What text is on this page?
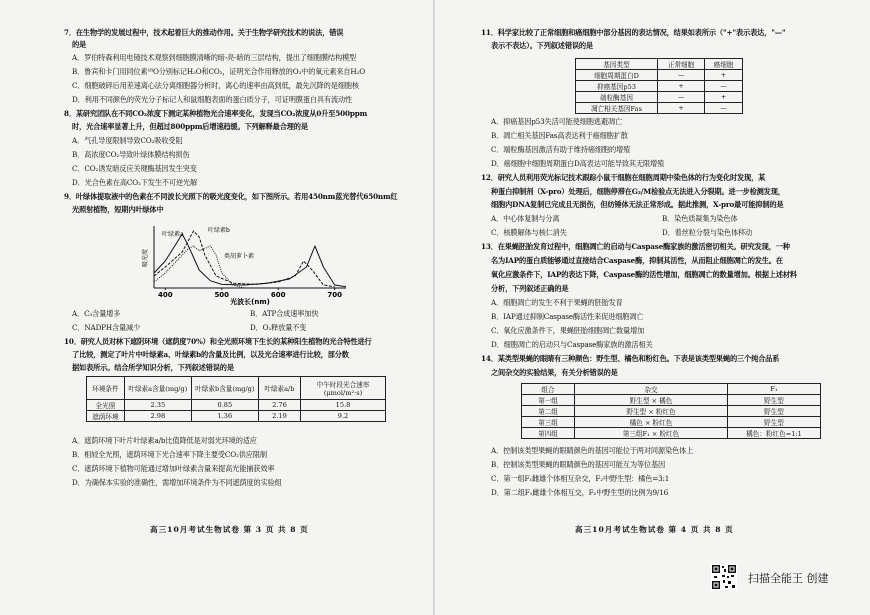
7．在生物学的发展过程中，技术起着巨大的推动作用。关于生物学研究技术的说法，错误
的是
A．罗伯特森利用电镜技术观察到细胞膜清晰的暗-亮-暗的三层结构，提出了细胞膜结构模型
B．鲁宾和卡门用同位素¹⁸O分别标记H₂O和CO₂，证明光合作用释放的O₂中的氧元素来自H₂O
C．细胞破碎后用差速离心法分离细胞器分析时，离心的速率由高到低，最先沉降的是细胞核
D．利用不同颜色的荧光分子标记人和鼠细胞表面的蛋白质分子，可证明膜蛋白具有流动性
8．某研究团队在不同CO₂浓度下测定某种植物光合速率变化，发现当CO₂浓度从0升至500ppm
时，光合速率显著上升，但超过800ppm后增速趋缓。下列解释最合理的是
A．气孔导度限制导致CO₂吸收受阻
B．高浓度CO₂导致叶绿体膜结构损伤
C．CO₂诱发暗反应关键酶基因发生突变
D．光合色素在高CO₂下发生不可逆光解
9．叶绿体提取液中的色素在不同波长光照下的吸光度变化，如下图所示。若用450nm蓝光替代650nm红
光照射植物，短期内叶绿体中
400	500	600	700
叶绿素a
叶绿素b
类胡萝卜素
吸光度
光波长(nm)
A．C₃含量增多	B．ATP合成速率加快
C．NADPH含量减少	D．O₂释放量不变
10．研究人员对林下遮阴环境（遮荫度70%）和全光照环境下生长的某种阳生植物的光合特性进行
了比较，测定了叶片中叶绿素a、叶绿素b的含量及比例，以及光合速率进行比较，部分数
据如表所示。结合所学知识分析，下列叙述错误的是
环境条件	叶绿素a含量(mg/g)	叶绿素b含量(mg/g)	叶绿素a/b	中午时段光合速率(μmol/m²·s)
全光照	2.35	0.85	2.76	15.8
遮荫环境	2.98	1.36	2.19	9.2
A．遮荫环境下叶片叶绿素a/b比值降低是对弱光环境的适应
B．相较全光照，遮荫环境下光合速率下降主要受CO₂供应限制
C．遮荫环境下植物可能通过增加叶绿素含量来提高光能捕获效率
D．为确保本实验的准确性，需增加环境条件为不同遮荫度的实验组
高三10月考试生物试卷 第 3 页 共 8 页
11．科学家比较了正常细胞和癌细胞中部分基因的表达情况，结果如表所示（"+"表示表达，"—"
表示不表达）。下列叙述错误的是
基因类型	正常细胞	癌细胞
细胞周期蛋白D	—	+
抑癌基因p53	+	—
端粒酶基因	—	+
凋亡相关基因Fas	+	—
A．抑癌基因p53失活可能使细胞逃避凋亡
B．凋亡相关基因Fas高表达利于癌细胞扩散
C．端粒酶基因激活有助于维持癌细胞的增殖
D．癌细胞中细胞周期蛋白D高表达可能导致其无限增殖
12．研究人员利用荧光标记技术跟踪小鼠干细胞在细胞周期中染色体的行为变化时发现，某
种蛋白抑制剂（X-pro）处理后，细胞停滞在G₂/M检验点无法进入分裂期。进一步检测发现，
细胞内DNA复制已完成且无损伤，但纺锤体无法正常形成。据此推测，X-pro最可能抑制的是
A．中心体复制与分离	B．染色质凝集为染色体
C．核膜解体与核仁消失	D．着丝粒分裂与染色体移动
13．在果蝇胚胎发育过程中，细胞凋亡的启动与Caspase酶家族的激活密切相关。研究发现，一种
名为IAP的蛋白质能够通过直接结合Caspase酶，抑制其活性，从而阻止细胞凋亡的发生。在
氧化应激条件下，IAP的表达下降，Caspase酶的活性增加，细胞凋亡的数量增加。根据上述材料
分析，下列叙述正确的是
A．细胞凋亡的发生不利于果蝇的胚胎发育
B．IAP通过抑制Caspase酶活性来促进细胞凋亡
C．氧化应激条件下，果蝇胚胎细胞凋亡数量增加
D．细胞凋亡的启动只与Caspase酶家族的激活相关
14．某类型果蝇的眼睛有三种颜色：野生型、橘色和粉红色。下表是该类型果蝇的三个纯合品系
之间杂交的实验结果，有关分析错误的是
组合	杂交	F₁
第一组	野生型 × 橘色	野生型
第二组	野生型 × 粉红色	野生型
第三组	橘色 × 粉红色	野生型
第四组	第三组F₁ × 粉红色	橘色：粉红色=1:1
A．控制该类型果蝇的眼睛颜色的基因可能位于两对同源染色体上
B．控制该类型果蝇的眼睛颜色的基因可能互为等位基因
C．第一组F₁雌雄个体相互杂交，F₂中野生型：橘色=3:1
D．第二组F₁雌雄个体相互交，F₂中野生型的比例为9/16
高三10月考试生物试卷 第 4 页 共 8 页
扫描全能王 创建
